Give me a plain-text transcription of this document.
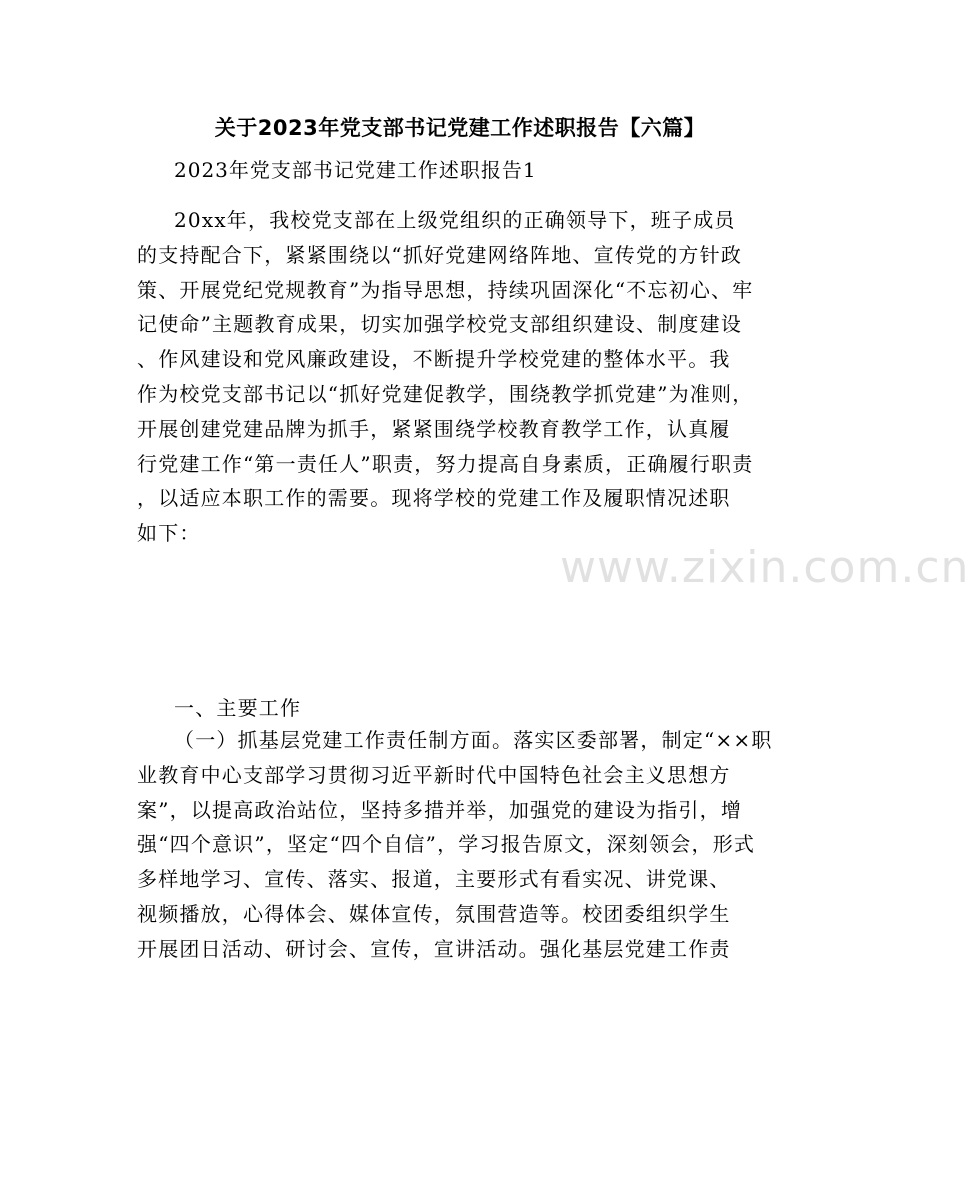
关于2023年党支部书记党建工作述职报告【六篇】
2023年党支部书记党建工作述职报告1
20xx年，我校党支部在上级党组织的正确领导下，班子成员
的支持配合下，紧紧围绕以“抓好党建网络阵地、宣传党的方针政
策、开展党纪党规教育”为指导思想，持续巩固深化“不忘初心、牢
记使命”主题教育成果，切实加强学校党支部组织建设、制度建设
、作风建设和党风廉政建设，不断提升学校党建的整体水平。我
作为校党支部书记以“抓好党建促教学，围绕教学抓党建”为准则，
开展创建党建品牌为抓手，紧紧围绕学校教育教学工作，认真履
行党建工作“第一责任人”职责，努力提高自身素质，正确履行职责
，以适应本职工作的需要。现将学校的党建工作及履职情况述职
如下：
一、主要工作
（一）抓基层党建工作责任制方面。落实区委部署，制定“××职
业教育中心支部学习贯彻习近平新时代中国特色社会主义思想方
案”，以提高政治站位，坚持多措并举，加强党的建设为指引，增
强“四个意识”，坚定“四个自信”，学习报告原文，深刻领会，形式
多样地学习、宣传、落实、报道，主要形式有看实况、讲党课、
视频播放，心得体会、媒体宣传，氛围营造等。校团委组织学生
开展团日活动、研讨会、宣传，宣讲活动。强化基层党建工作责
www.zixin.com.cn
